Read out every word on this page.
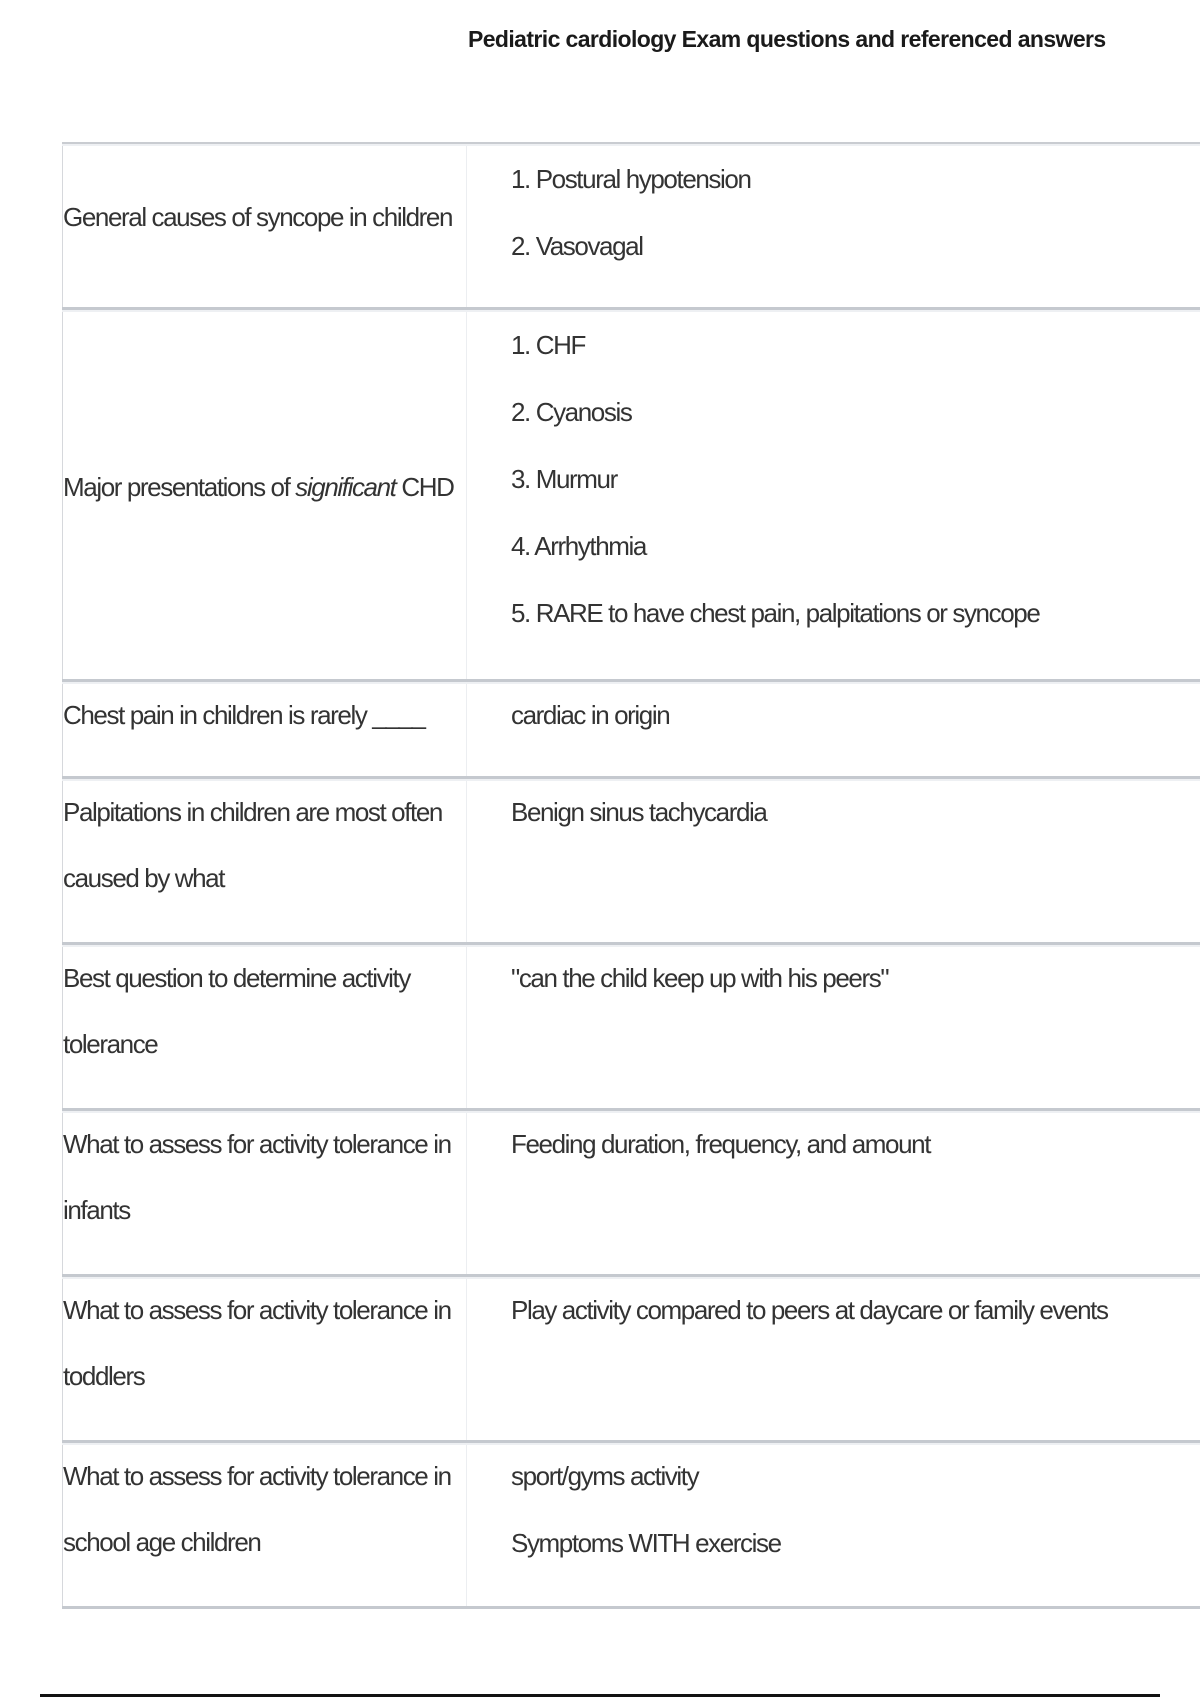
Pediatric cardiology Exam questions and referenced answers
General causes of syncope in children
1. Postural hypotension
2. Vasovagal
Major presentations of significant CHD
1. CHF
2. Cyanosis
3. Murmur
4. Arrhythmia
5. RARE to have chest pain, palpitations or syncope
Chest pain in children is rarely ____	cardiac in origin
Palpitations in children are most often caused by what
Benign sinus tachycardia
Best question to determine activity tolerance
"can the child keep up with his peers"
What to assess for activity tolerance in infants
Feeding duration, frequency, and amount
What to assess for activity tolerance in toddlers
Play activity compared to peers at daycare or family events
What to assess for activity tolerance in school age children
sport/gyms activity
Symptoms WITH exercise
